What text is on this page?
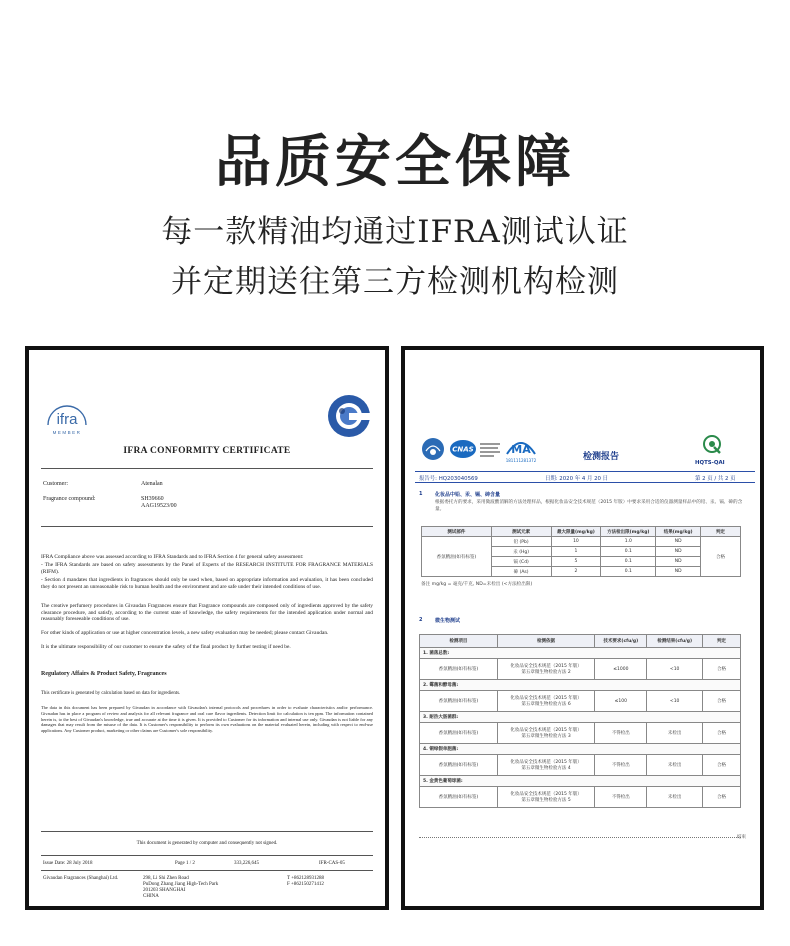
品质安全保障
每一款精油均通过IFRA测试认证
并定期送往第三方检测机构检测
ifra
MEMBER
IFRA CONFORMITY CERTIFICATE
Customer:	Atenalan
Fragrance compound:	SH39660
AAG19523/00
IFRA Compliance above was assessed according to IFRA Standards and to IFRA Section 4 for general safety assessment:
- The IFRA Standards are based on safety assessments by the Panel of Experts of the RESEARCH INSTITUTE FOR FRAGRANCE MATERIALS (RIFM).
- Section 4 mandates that ingredients in fragrances should only be used when, based on appropriate information and evaluation, it has been concluded they do not present an unreasonable risk to human health and the environment and are safe under their intended conditions of use.
The creative perfumery procedures in Givaudan Fragrances ensure that Fragrance compounds are composed only of ingredients approved by the safety clearance procedure, and satisfy, according to the current state of knowledge, the safety requirements for the intended application under normal and reasonably foreseeable conditions of use.
For other kinds of application or use at higher concentration levels, a new safety evaluation may be needed; please contact Givaudan.
It is the ultimate responsibility of our customer to ensure the safety of the final product by further testing if need be.
Regulatory Affairs & Product Safety, Fragrances
This certificate is generated by calculation based on data for ingredients.
The data in this document has been prepared by Givaudan in accordance with Givaudan's internal protocols and procedures in order to evaluate characteristics and/or performance. Givaudan has in place a program of review and analysis for all relevant fragrance and oral care flavor ingredients. Detection limit for calculation is ten ppm. The information contained herein is, to the best of Givaudan's knowledge, true and accurate at the time it is given. It is provided to Customer for its information and internal use only. Givaudan is not liable for any damages that may result from the misuse of the data. It is Customer's responsibility to perform its own evaluations on the material evaluated herein, including with respect to end-use applications. Any Customer product, marketing or other claims are Customer's sole responsibility.
This document is generated by computer and consequently not signed.
Issue Date: 28 July 2018	Page 1 / 2	333,226,645	IFR-CAS-05
Givaudan Fragrances (Shanghai) Ltd.	298, Li Shi Zhen Road
PuDong Zhang Jiang High-Tech Park
201203 SHANGHAI
CHINA
T +862128931288
F +862150271412
CNAS	MA
181111281372	检测报告
HQTS-QAI
报告号: HQ203040569	日期: 2020 年 4 月 20 日	第 2 页 / 共 2 页
1	化妆品中铅、汞、镉、砷含量
根据委托方的要求，采用微波酸消解的方法处理样品，根据化妆品安全技术规范（2015 年版）中要求采用合适的仪器测量样品中的铅、汞、镉、砷的含量。
测试部件	测试元素	最大限量(mg/kg)	方法检出限(mg/kg)	结果(mg/kg)	判定
香氛精油(如有标签)	铅 (Pb)	10	1.0	ND	合格
	汞 (Hg)	1	0.1	ND	
	镉 (Cd)	5	0.1	ND	
	砷 (As)	2	0.1	ND	
备注 mg/kg = 毫克/千克, ND=未检出 (<方法检出限)
2	微生物测试
检测项目	检测依据	技术要求(cfu/g)	检测结果(cfu/g)	判定
1. 菌落总数:				
香氛精油(如有标签)	化妆品安全技术规范（2015 年版）
第五章微生物检验方法 2	≤1000	<10	合格
2. 霉菌和酵母菌:				
香氛精油(如有标签)	化妆品安全技术规范（2015 年版）
第五章微生物检验方法 6	≤100	<10	合格
3. 耐热大肠菌群:				
香氛精油(如有标签)	化妆品安全技术规范（2015 年版）
第五章微生物检验方法 3	不得检出	未检出	合格
4. 铜绿假单胞菌:				
香氛精油(如有标签)	化妆品安全技术规范（2015 年版）
第五章微生物检验方法 4	不得检出	未检出	合格
5. 金黄色葡萄球菌:				
香氛精油(如有标签)	化妆品安全技术规范（2015 年版）
第五章微生物检验方法 5	不得检出	未检出	合格
结束
